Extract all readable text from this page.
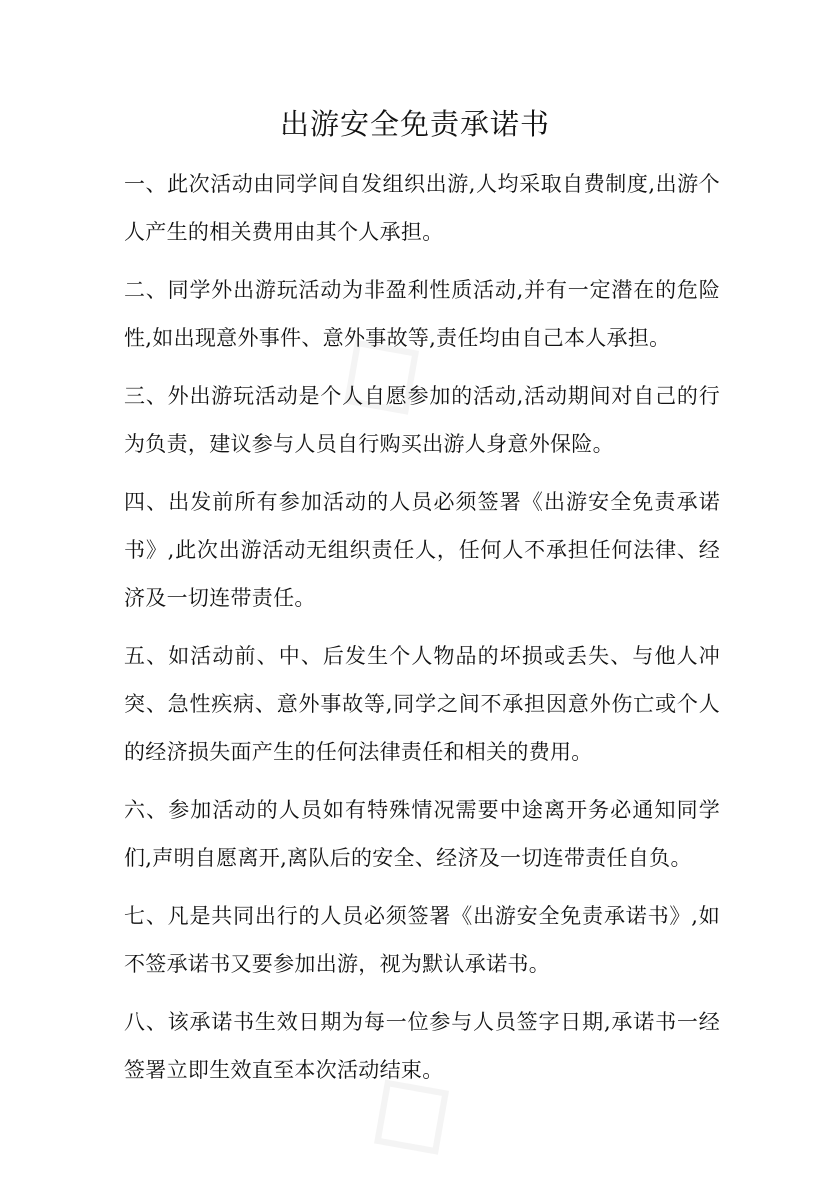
出游安全免责承诺书

一、此次活动由同学间自发组织出游,人均采取自费制度,出游个人产生的相关费用由其个人承担。

二、同学外出游玩活动为非盈利性质活动,并有一定潜在的危险性,如出现意外事件、意外事故等,责任均由自己本人承担。

三、外出游玩活动是个人自愿参加的活动,活动期间对自己的行为负责，建议参与人员自行购买出游人身意外保险。

四、出发前所有参加活动的人员必须签署《出游安全免责承诺书》,此次出游活动无组织责任人，任何人不承担任何法律、经济及一切连带责任。

五、如活动前、中、后发生个人物品的坏损或丢失、与他人冲突、急性疾病、意外事故等,同学之间不承担因意外伤亡或个人的经济损失面产生的任何法律责任和相关的费用。

六、参加活动的人员如有特殊情况需要中途离开务必通知同学们,声明自愿离开,离队后的安全、经济及一切连带责任自负。

七、凡是共同出行的人员必须签署《出游安全免责承诺书》,如不签承诺书又要参加出游，视为默认承诺书。

八、该承诺书生效日期为每一位参与人员签字日期,承诺书一经签署立即生效直至本次活动结束。
